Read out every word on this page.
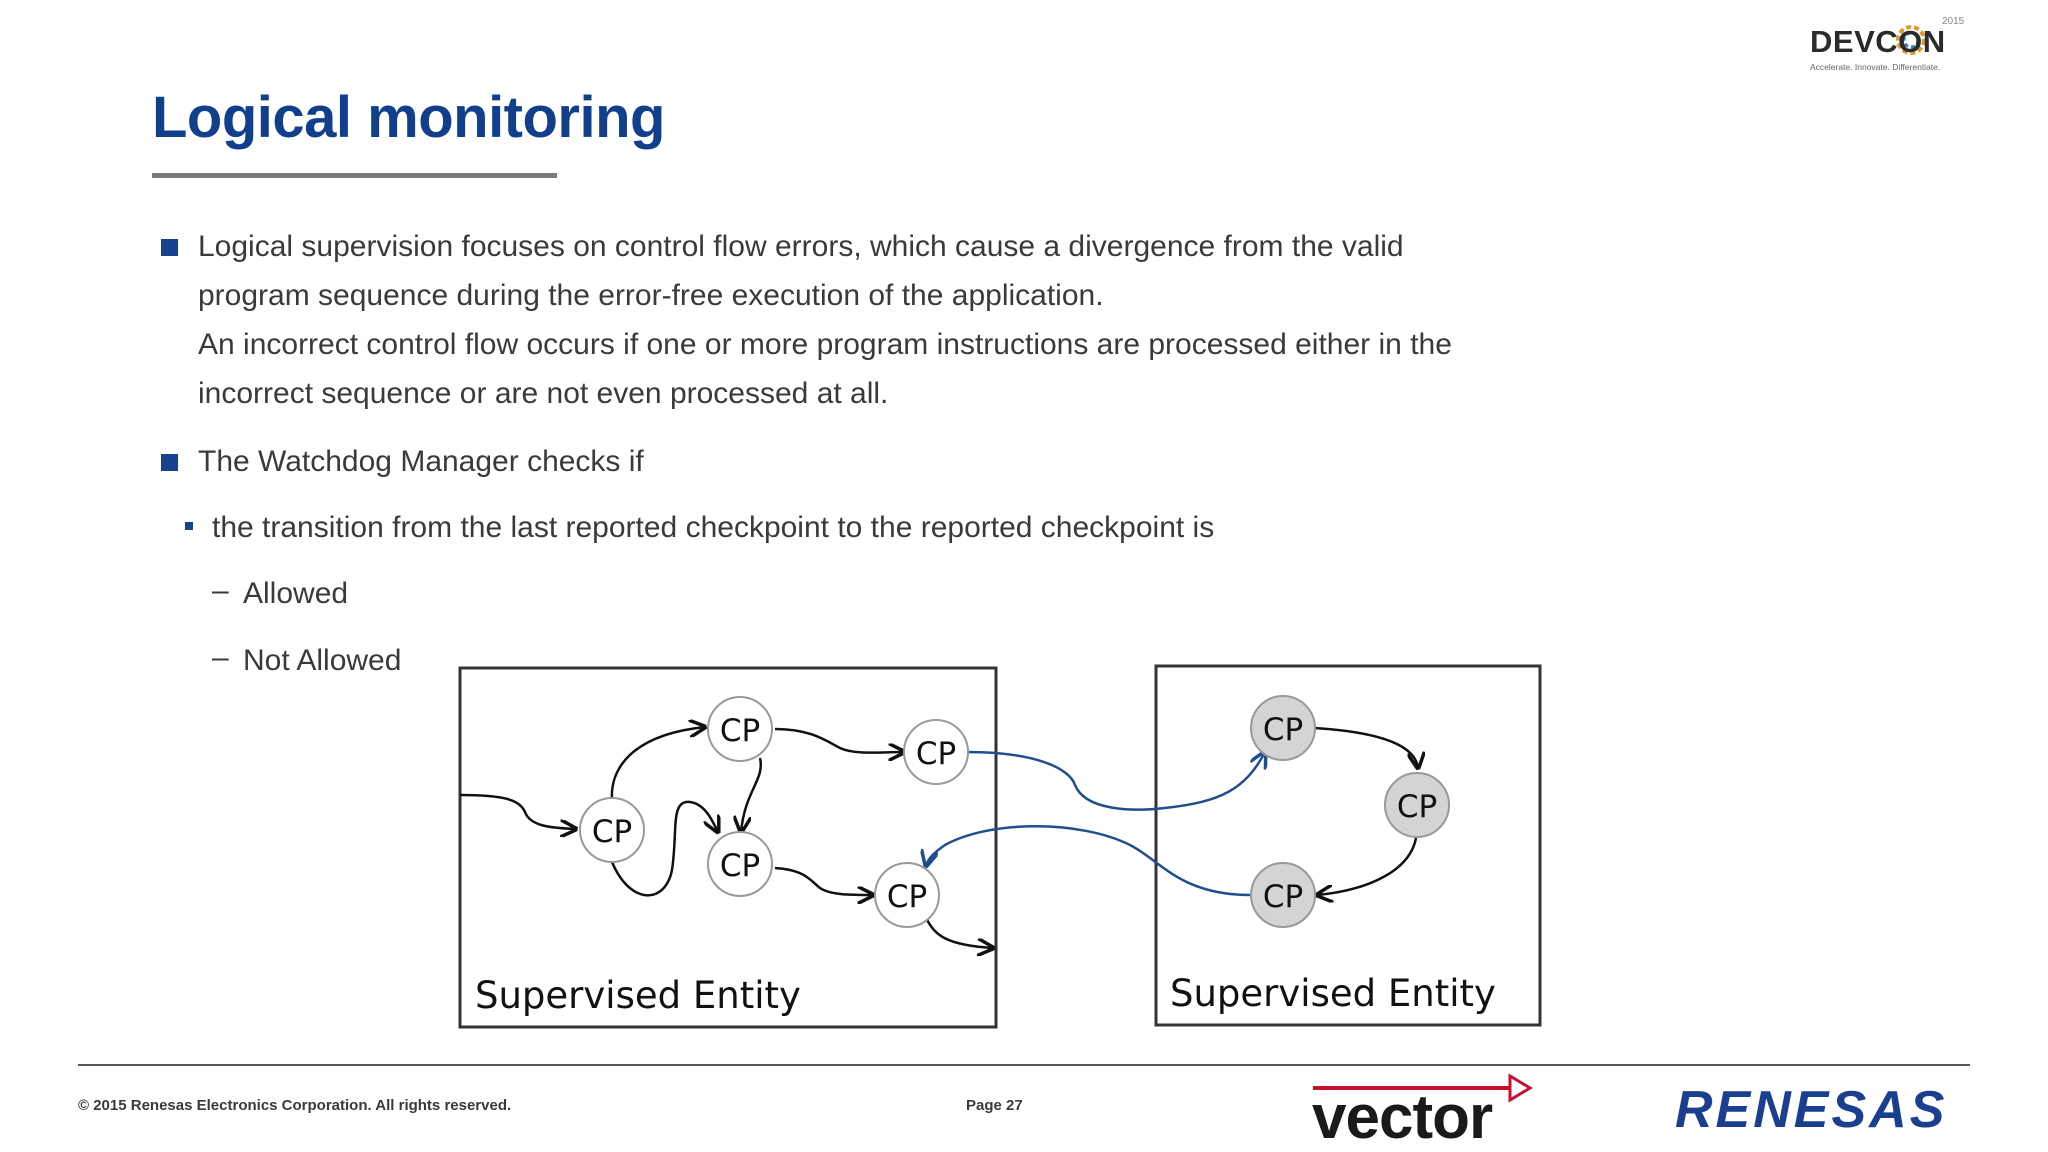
DEVCON
2015
Accelerate. Innovate. Differentiate.
Logical monitoring
Logical supervision focuses on control flow errors, which cause a divergence from the valid
program sequence during the error-free execution of the application.
An incorrect control flow occurs if one or more program instructions are processed either in the
incorrect sequence or are not even processed at all.
The Watchdog Manager checks if
the transition from the last reported checkpoint to the reported checkpoint is
– Allowed
– Not Allowed
CP
CP
CP
CP
CP
CP
CP
CP
Supervised Entity	Supervised Entity
© 2015 Renesas Electronics Corporation. All rights reserved.	Page 27	vector	RENESAS
